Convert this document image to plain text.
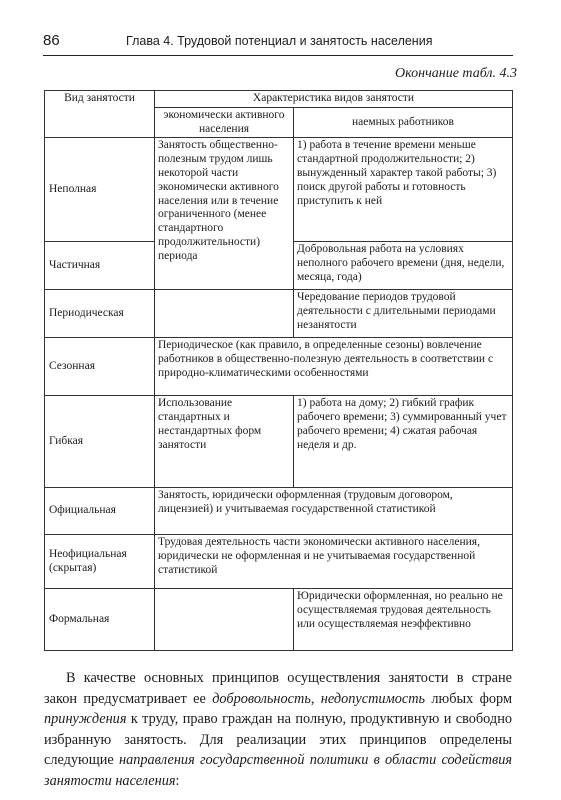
86	Глава 4. Трудовой потенциал и занятость населения
Окончание табл. 4.3
Вид занятости	Характеристика видов занятости	
	экономически активного населения	наемных работников
Неполная	Занятость общественно-полезным трудом лишь некоторой части экономически активного населения или в течение ограниченного (менее стандартного продолжительности) периода	1) работа в течение времени меньше стандартной продолжительности; 2) вынужденный характер такой работы; 3) поиск другой работы и готовность приступить к ней
Частичная		Добровольная работа на условиях неполного рабочего времени (дня, недели, месяца, года)
Периодическая		Чередование периодов трудовой деятельности с длительными периодами незанятости
Сезонная	Периодическое (как правило, в определенные сезоны) вовлечение работников в общественно-полезную деятельность в соответствии с природно-климатическими особенностями	
Гибкая	Использование стандартных и нестандартных форм занятости	1) работа на дому; 2) гибкий график рабочего времени; 3) суммированный учет рабочего времени; 4) сжатая рабочая неделя и др.
Официальная	Занятость, юридически оформленная (трудовым договором, лицензией) и учитываемая государственной статистикой	
Неофициальная (скрытая)	Трудовая деятельность части экономически активного населения, юридически не оформленная и не учитываемая государственной статистикой	
Формальная		Юридически оформленная, но реально не осуществляемая трудовая деятельность или осуществляемая неэффективно

В качестве основных принципов осуществления занятости в стране закон предусматривает ее добровольность, недопустимость любых форм принуждения к труду, право граждан на полную, продуктивную и свободно избранную занятость. Для реализации этих принципов определены следующие направления государственной политики в области содействия занятости населения:
